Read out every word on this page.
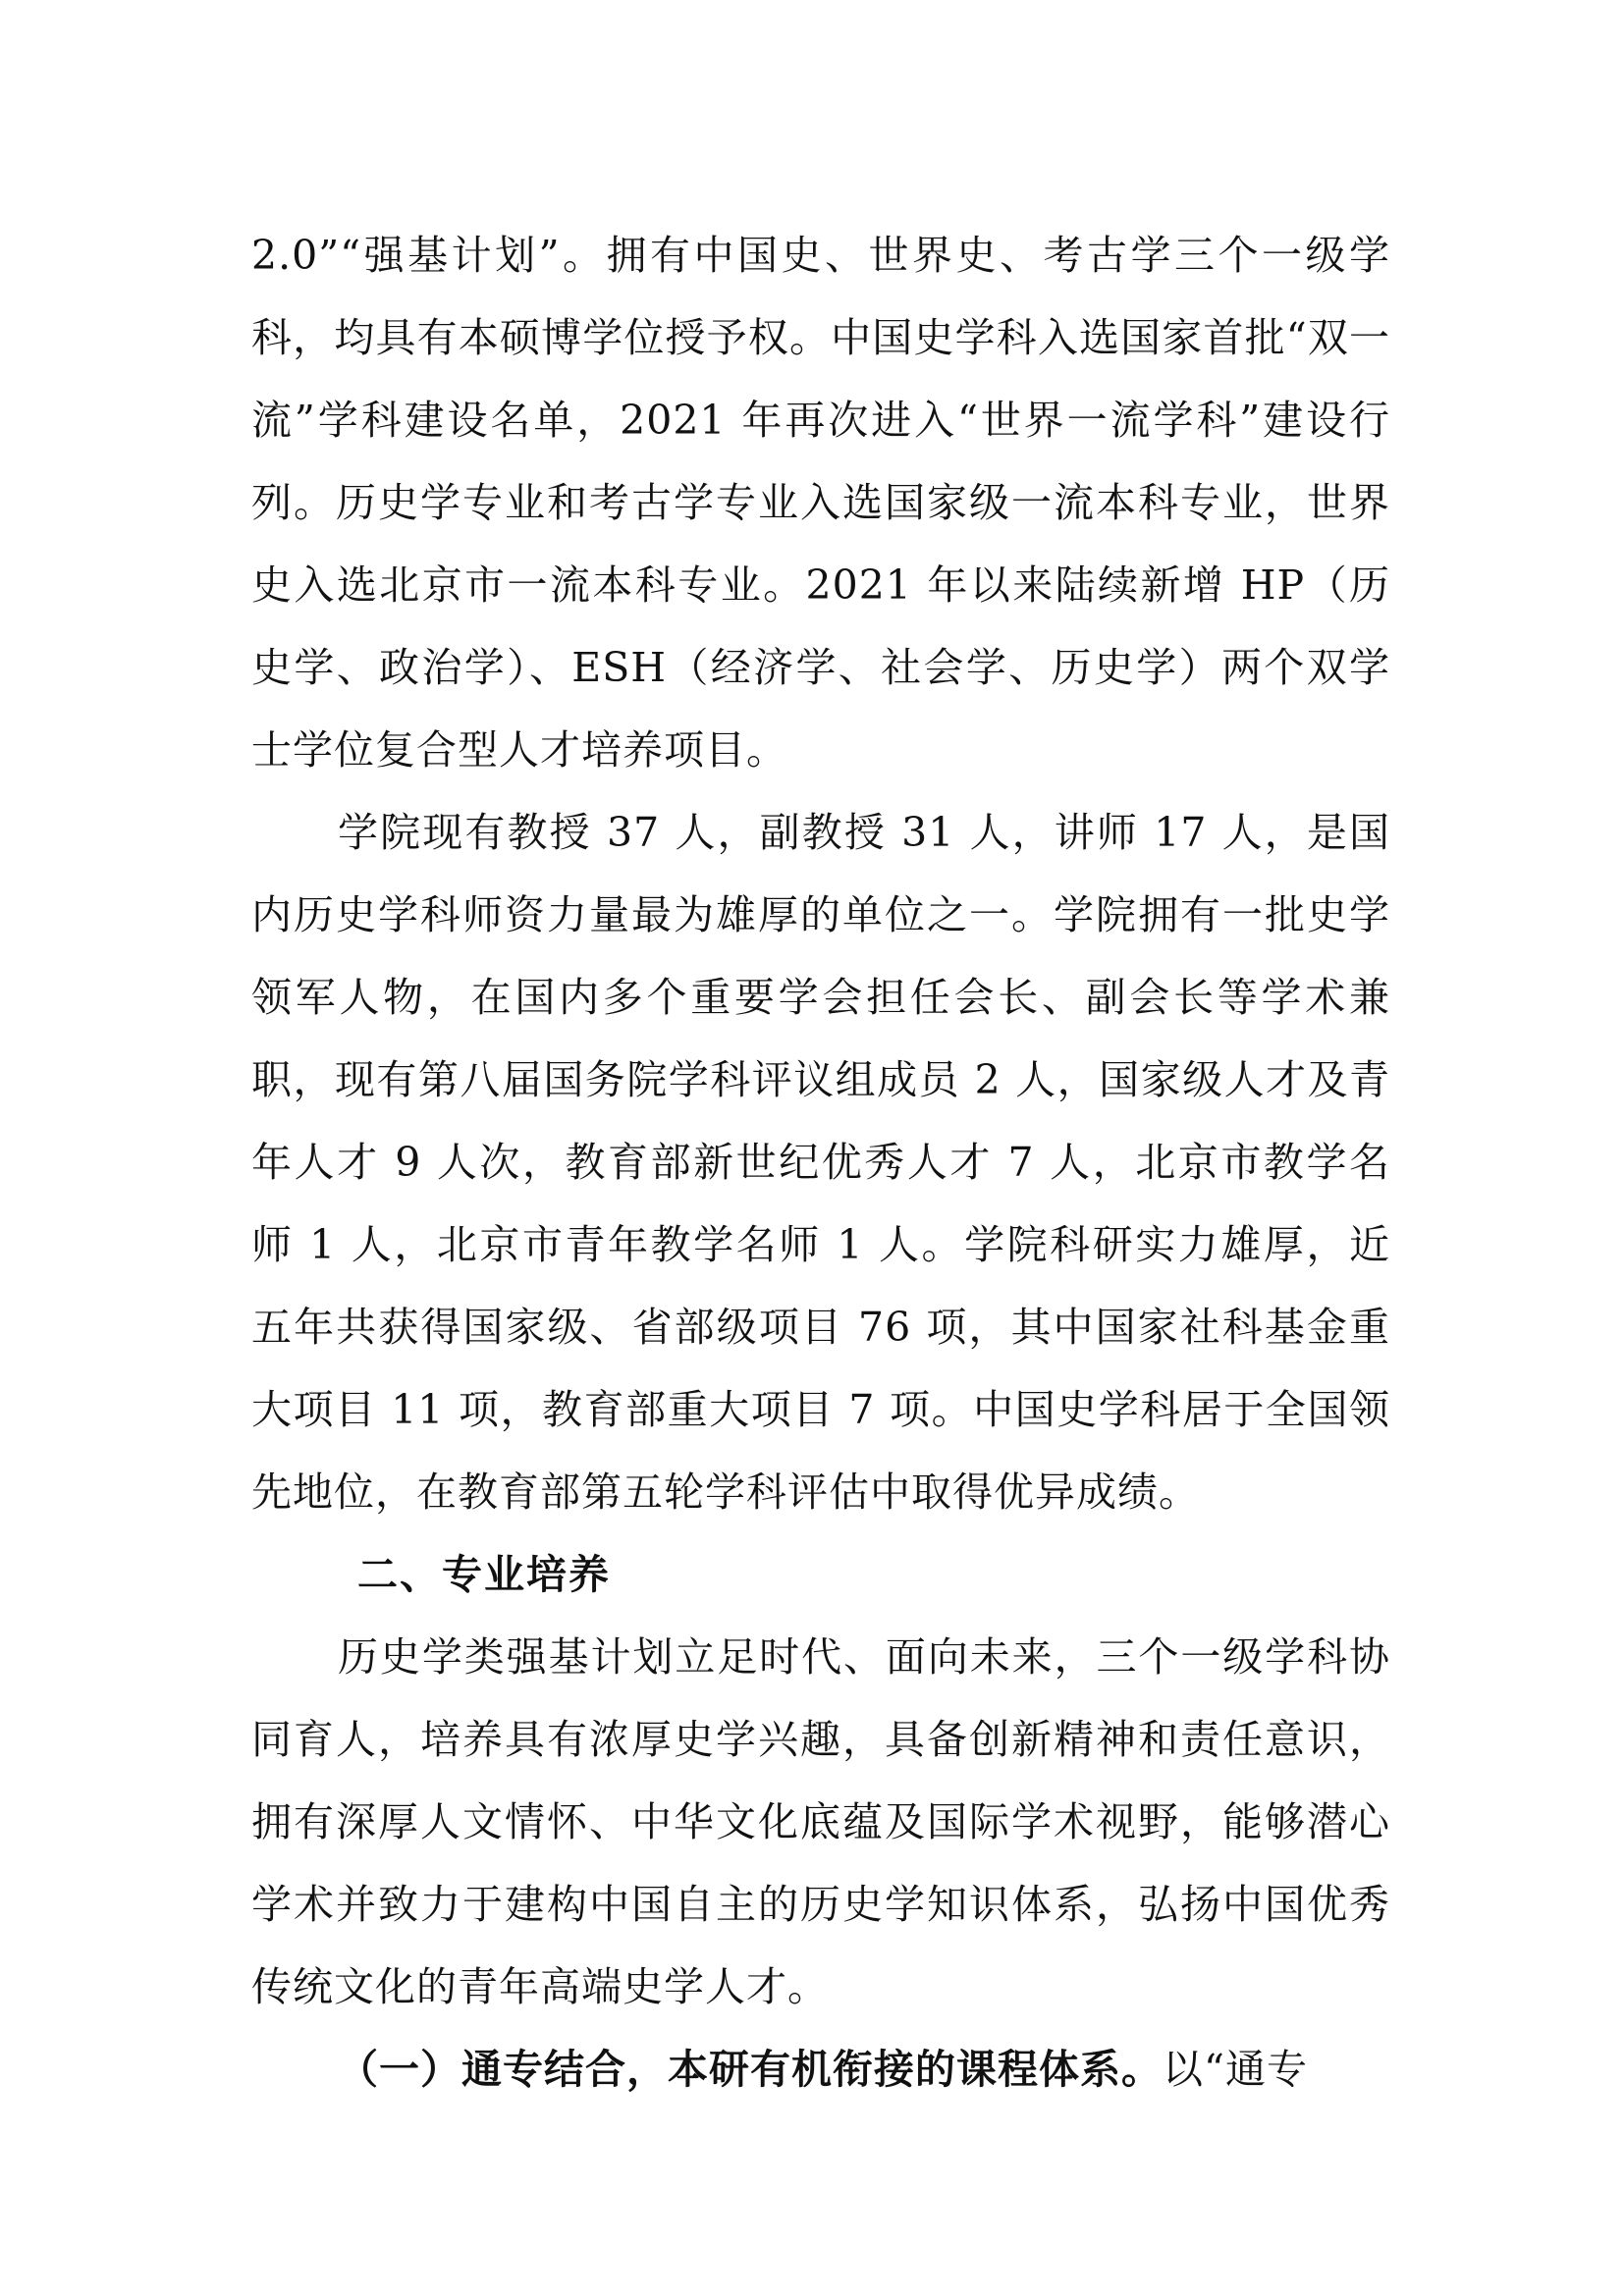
2.0”“强基计划”。拥有中国史、世界史、考古学三个一级学科，均具有本硕博学位授予权。中国史学科入选国家首批“双一流”学科建设名单，2021 年再次进入“世界一流学科”建设行列。历史学专业和考古学专业入选国家级一流本科专业，世界史入选北京市一流本科专业。2021 年以来陆续新增 HP（历史学、政治学）、ESH（经济学、社会学、历史学）两个双学士学位复合型人才培养项目。

学院现有教授 37 人，副教授 31 人，讲师 17 人，是国内历史学科师资力量最为雄厚的单位之一。学院拥有一批史学领军人物，在国内多个重要学会担任会长、副会长等学术兼职，现有第八届国务院学科评议组成员 2 人，国家级人才及青年人才 9 人次，教育部新世纪优秀人才 7 人，北京市教学名师 1 人，北京市青年教学名师 1 人。学院科研实力雄厚，近五年共获得国家级、省部级项目 76 项，其中国家社科基金重大项目 11 项，教育部重大项目 7 项。中国史学科居于全国领先地位，在教育部第五轮学科评估中取得优异成绩。

二、专业培养

历史学类强基计划立足时代、面向未来，三个一级学科协同育人，培养具有浓厚史学兴趣，具备创新精神和责任意识，拥有深厚人文情怀、中华文化底蕴及国际学术视野，能够潜心学术并致力于建构中国自主的历史学知识体系，弘扬中国优秀传统文化的青年高端史学人才。

（一）通专结合，本研有机衔接的课程体系。以“通专
